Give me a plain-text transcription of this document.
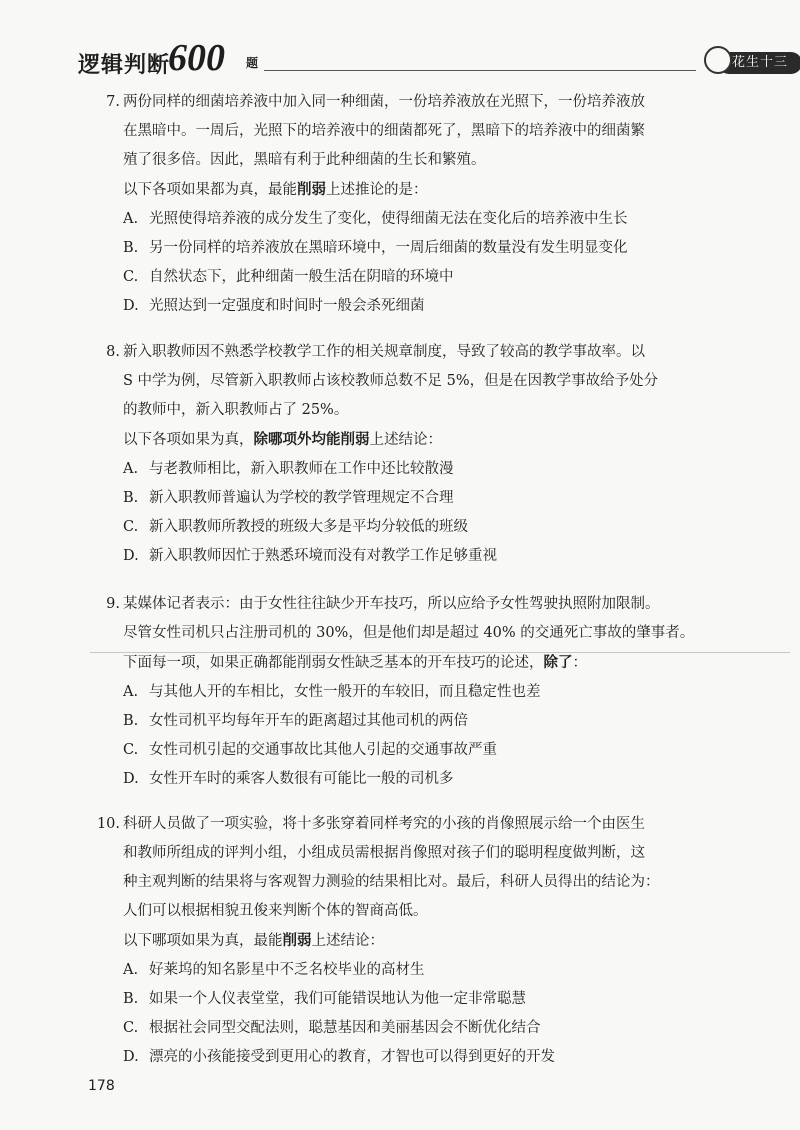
逻辑判断
600 题	花生十三
7. 两份同样的细菌培养液中加入同一种细菌，一份培养液放在光照下，一份培养液放
在黑暗中。一周后，光照下的培养液中的细菌都死了，黑暗下的培养液中的细菌繁
殖了很多倍。因此，黑暗有利于此种细菌的生长和繁殖。
以下各项如果都为真，最能削弱上述推论的是：
A. 光照使得培养液的成分发生了变化，使得细菌无法在变化后的培养液中生长
B. 另一份同样的培养液放在黑暗环境中，一周后细菌的数量没有发生明显变化
C. 自然状态下，此种细菌一般生活在阴暗的环境中
D. 光照达到一定强度和时间时一般会杀死细菌
8. 新入职教师因不熟悉学校教学工作的相关规章制度，导致了较高的教学事故率。以
S 中学为例，尽管新入职教师占该校教师总数不足 5%，但是在因教学事故给予处分
的教师中，新入职教师占了 25%。
以下各项如果为真，除哪项外均能削弱上述结论：
A. 与老教师相比，新入职教师在工作中还比较散漫
B. 新入职教师普遍认为学校的教学管理规定不合理
C. 新入职教师所教授的班级大多是平均分较低的班级
D. 新入职教师因忙于熟悉环境而没有对教学工作足够重视
9. 某媒体记者表示：由于女性往往缺少开车技巧，所以应给予女性驾驶执照附加限制。
尽管女性司机只占注册司机的 30%，但是他们却是超过 40% 的交通死亡事故的肇事者。
下面每一项，如果正确都能削弱女性缺乏基本的开车技巧的论述，除了：
A. 与其他人开的车相比，女性一般开的车较旧，而且稳定性也差
B. 女性司机平均每年开车的距离超过其他司机的两倍
C. 女性司机引起的交通事故比其他人引起的交通事故严重
D. 女性开车时的乘客人数很有可能比一般的司机多
10. 科研人员做了一项实验，将十多张穿着同样考究的小孩的肖像照展示给一个由医生
和教师所组成的评判小组，小组成员需根据肖像照对孩子们的聪明程度做判断，这
种主观判断的结果将与客观智力测验的结果相比对。最后，科研人员得出的结论为：
人们可以根据相貌丑俊来判断个体的智商高低。
以下哪项如果为真，最能削弱上述结论：
A. 好莱坞的知名影星中不乏名校毕业的高材生
B. 如果一个人仪表堂堂，我们可能错误地认为他一定非常聪慧
C. 根据社会同型交配法则，聪慧基因和美丽基因会不断优化结合
D. 漂亮的小孩能接受到更用心的教育，才智也可以得到更好的开发
178
